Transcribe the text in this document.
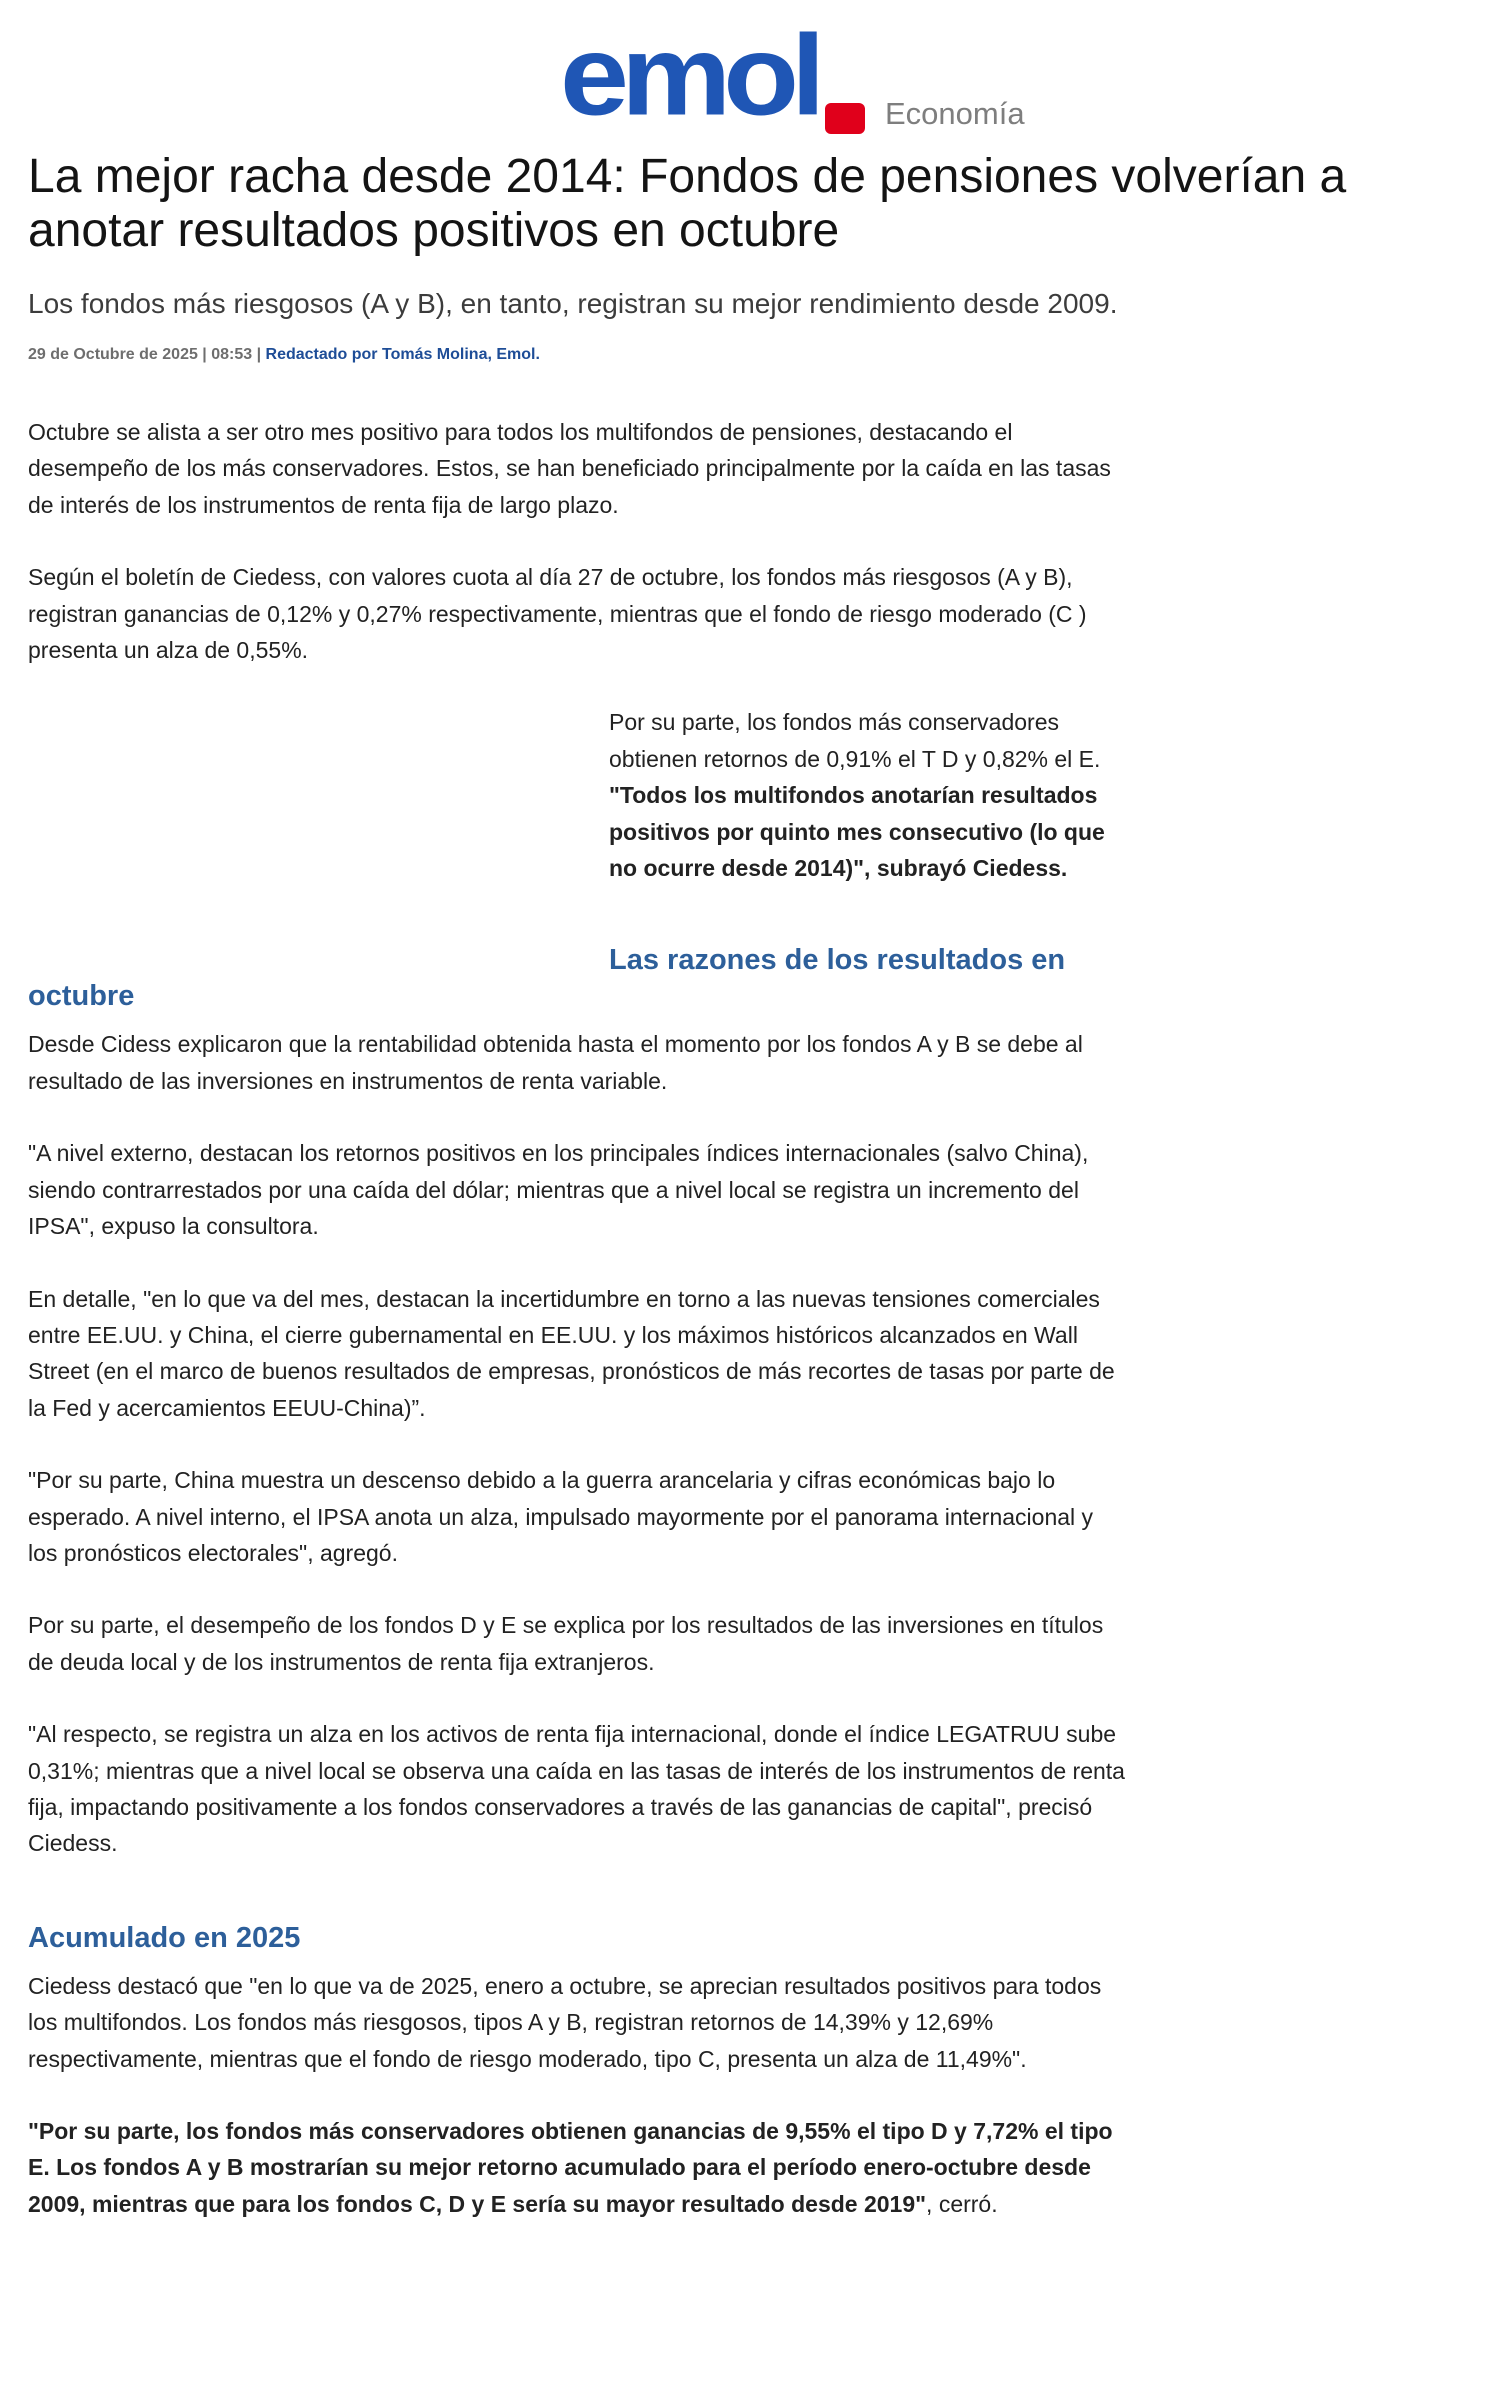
emol Economía
La mejor racha desde 2014: Fondos de pensiones volverían a anotar resultados positivos en octubre
Los fondos más riesgosos (A y B), en tanto, registran su mejor rendimiento desde 2009.
29 de Octubre de 2025 | 08:53 | Redactado por Tomás Molina, Emol.

Octubre se alista a ser otro mes positivo para todos los multifondos de pensiones, destacando el desempeño de los más conservadores. Estos, se han beneficiado principalmente por la caída en las tasas de interés de los instrumentos de renta fija de largo plazo.

Según el boletín de Ciedess, con valores cuota al día 27 de octubre, los fondos más riesgosos (A y B), registran ganancias de 0,12% y 0,27% respectivamente, mientras que el fondo de riesgo moderado (C ) presenta un alza de 0,55%.

Por su parte, los fondos más conservadores obtienen retornos de 0,91% el T D y 0,82% el E. "Todos los multifondos anotarían resultados positivos por quinto mes consecutivo (lo que no ocurre desde 2014)", subrayó Ciedess.

Las razones de los resultados en
octubre

Desde Cidess explicaron que la rentabilidad obtenida hasta el momento por los fondos A y B se debe al resultado de las inversiones en instrumentos de renta variable.

"A nivel externo, destacan los retornos positivos en los principales índices internacionales (salvo China), siendo contrarrestados por una caída del dólar; mientras que a nivel local se registra un incremento del IPSA", expuso la consultora.

En detalle, "en lo que va del mes, destacan la incertidumbre en torno a las nuevas tensiones comerciales entre EE.UU. y China, el cierre gubernamental en EE.UU. y los máximos históricos alcanzados en Wall Street (en el marco de buenos resultados de empresas, pronósticos de más recortes de tasas por parte de la Fed y acercamientos EEUU-China)”.

"Por su parte, China muestra un descenso debido a la guerra arancelaria y cifras económicas bajo lo esperado. A nivel interno, el IPSA anota un alza, impulsado mayormente por el panorama internacional y los pronósticos electorales", agregó.

Por su parte, el desempeño de los fondos D y E se explica por los resultados de las inversiones en títulos de deuda local y de los instrumentos de renta fija extranjeros.

"Al respecto, se registra un alza en los activos de renta fija internacional, donde el índice LEGATRUU sube 0,31%; mientras que a nivel local se observa una caída en las tasas de interés de los instrumentos de renta fija, impactando positivamente a los fondos conservadores a través de las ganancias de capital", precisó Ciedess.

Acumulado en 2025

Ciedess destacó que "en lo que va de 2025, enero a octubre, se aprecian resultados positivos para todos los multifondos. Los fondos más riesgosos, tipos A y B, registran retornos de 14,39% y 12,69% respectivamente, mientras que el fondo de riesgo moderado, tipo C, presenta un alza de 11,49%".

"Por su parte, los fondos más conservadores obtienen ganancias de 9,55% el tipo D y 7,72% el tipo E. Los fondos A y B mostrarían su mejor retorno acumulado para el período enero-octubre desde 2009, mientras que para los fondos C, D y E sería su mayor resultado desde 2019", cerró.
